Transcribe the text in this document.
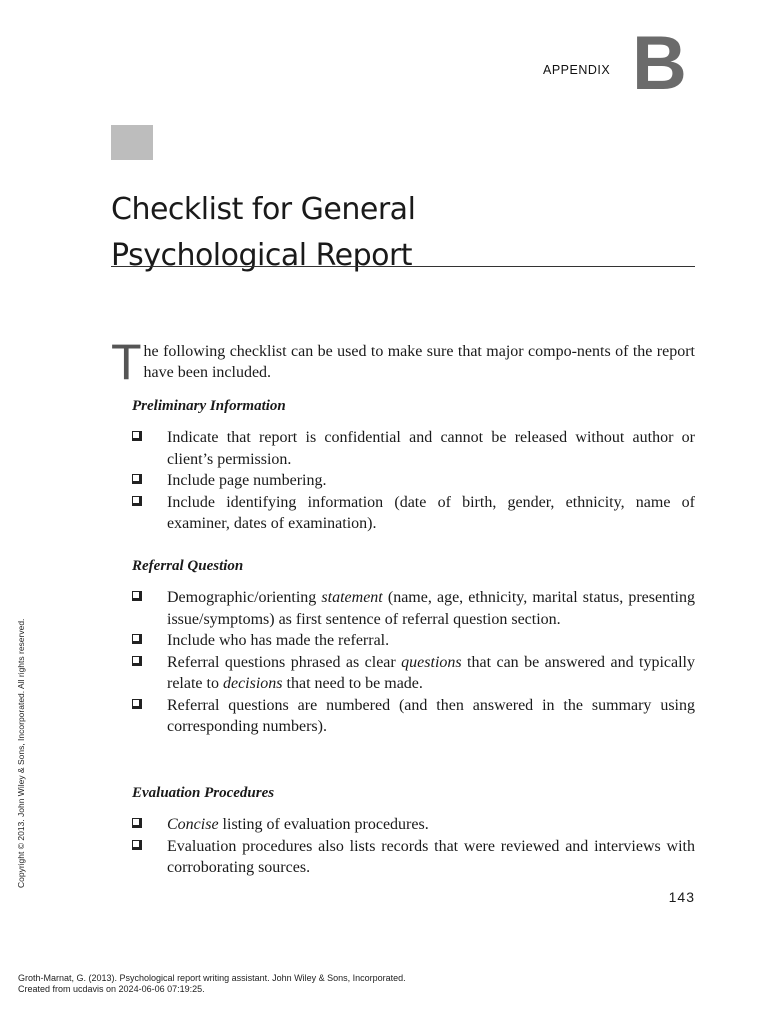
APPENDIX B
Checklist for General
Psychological Report
T he following checklist can be used to make sure that major compo-nents of the report have been included.

Preliminary Information
Indicate that report is confidential and cannot be released without author or client’s permission.
Include page numbering.
Include identifying information (date of birth, gender, ethnicity, name of examiner, dates of examination).
Referral Question
Demographic/orienting statement (name, age, ethnicity, marital status, presenting issue/symptoms) as first sentence of referral question section.
Include who has made the referral.
Referral questions phrased as clear questions that can be answered and typically relate to decisions that need to be made.
Referral questions are numbered (and then answered in the summary using corresponding numbers).
Evaluation Procedures
Concise listing of evaluation procedures.
Evaluation procedures also lists records that were reviewed and interviews with corroborating sources.
143
Copyright © 2013. John Wiley & Sons, Incorporated. All rights reserved.
Groth-Marnat, G. (2013). Psychological report writing assistant. John Wiley & Sons, Incorporated.
Created from ucdavis on 2024-06-06 07:19:25.
